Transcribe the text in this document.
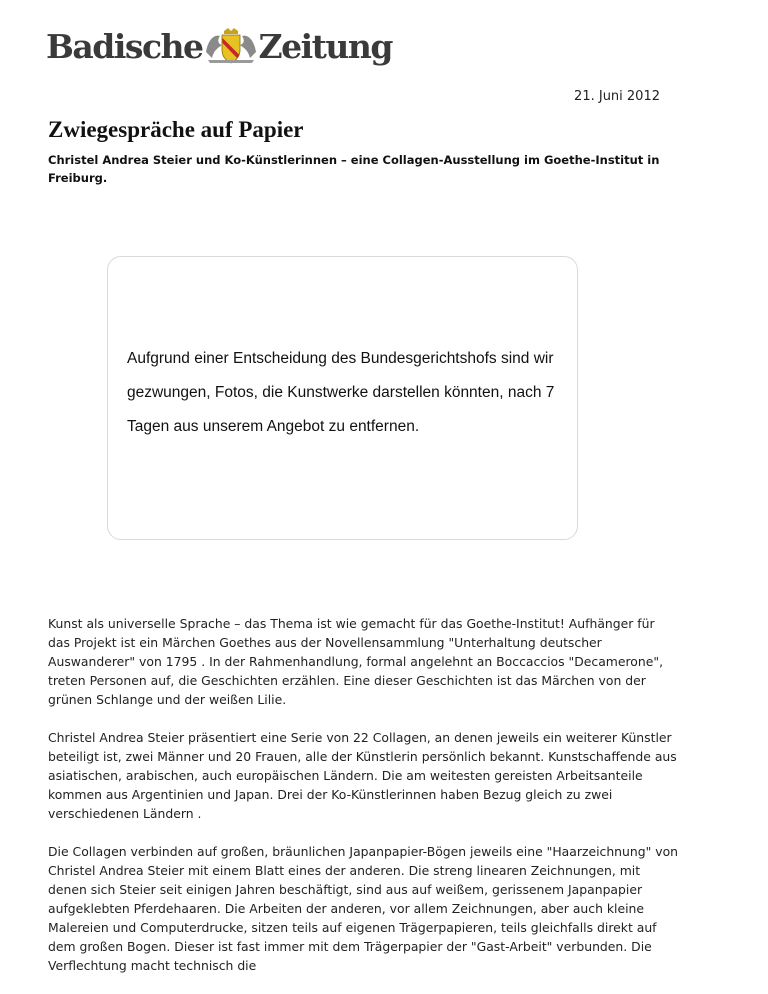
Badische Zeitung
21. Juni 2012
Zwiegespräche auf Papier

Christel Andrea Steier und Ko-Künstlerinnen – eine Collagen-Ausstellung im Goethe-Institut in Freiburg.

Aufgrund einer Entscheidung des Bundesgerichtshofs sind wir gezwungen, Fotos, die Kunstwerke darstellen könnten, nach 7 Tagen aus unserem Angebot zu entfernen.

Kunst als universelle Sprache – das Thema ist wie gemacht für das Goethe-Institut! Aufhänger für das Projekt ist ein Märchen Goethes aus der Novellensammlung "Unterhaltung deutscher Auswanderer" von 1795 . In der Rahmenhandlung, formal angelehnt an Boccaccios "Decamerone", treten Personen auf, die Geschichten erzählen. Eine dieser Geschichten ist das Märchen von der grünen Schlange und der weißen Lilie.

Christel Andrea Steier präsentiert eine Serie von 22 Collagen, an denen jeweils ein weiterer Künstler beteiligt ist, zwei Männer und 20 Frauen, alle der Künstlerin persönlich bekannt. Kunstschaffende aus asiatischen, arabischen, auch europäischen Ländern. Die am weitesten gereisten Arbeitsanteile kommen aus Argentinien und Japan. Drei der Ko-Künstlerinnen haben Bezug gleich zu zwei verschiedenen Ländern .

Die Collagen verbinden auf großen, bräunlichen Japanpapier-Bögen jeweils eine "Haarzeichnung" von Christel Andrea Steier mit einem Blatt eines der anderen. Die streng linearen Zeichnungen, mit denen sich Steier seit einigen Jahren beschäftigt, sind aus auf weißem, gerissenem Japanpapier aufgeklebten Pferdehaaren. Die Arbeiten der anderen, vor allem Zeichnungen, aber auch kleine Malereien und Computerdrucke, sitzen teils auf eigenen Trägerpapieren, teils gleichfalls direkt auf dem großen Bogen. Dieser ist fast immer mit dem Trägerpapier der "Gast-Arbeit" verbunden. Die Verflechtung macht technisch die
